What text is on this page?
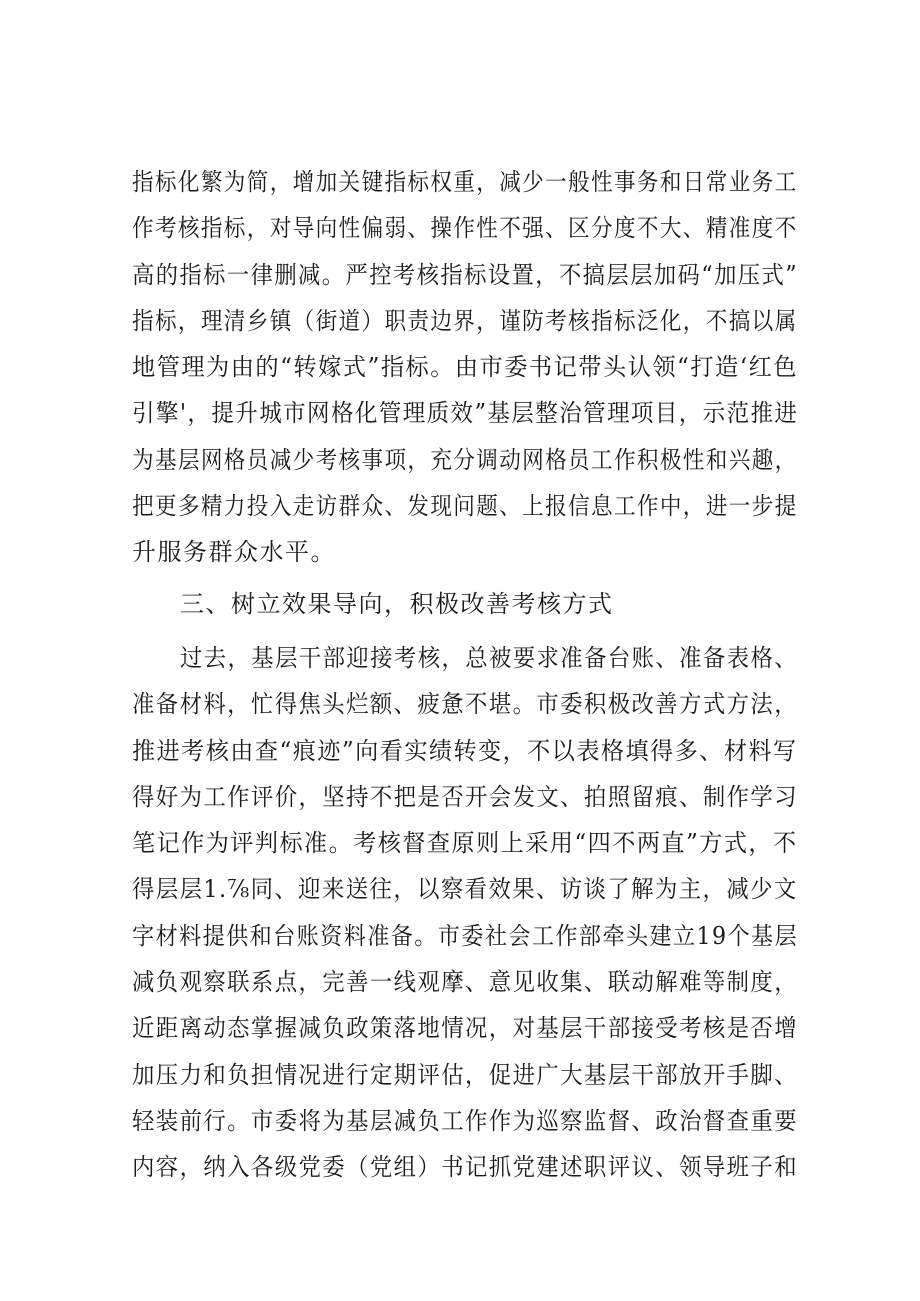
指标化繁为简，增加关键指标权重，减少一般性事务和日常业务工
作考核指标，对导向性偏弱、操作性不强、区分度不大、精准度不
高的指标一律删减。严控考核指标设置，不搞层层加码“加压式”
指标，理清乡镇（街道）职责边界，谨防考核指标泛化，不搞以属
地管理为由的“转嫁式”指标。由市委书记带头认领“打造‘红色
引擎'，提升城市网格化管理质效”基层整治管理项目，示范推进
为基层网格员减少考核事项，充分调动网格员工作积极性和兴趣，
把更多精力投入走访群众、发现问题、上报信息工作中，进一步提
升服务群众水平。
三、树立效果导向，积极改善考核方式
过去，基层干部迎接考核，总被要求准备台账、准备表格、
准备材料，忙得焦头烂额、疲惫不堪。市委积极改善方式方法，
推进考核由查“痕迹”向看实绩转变，不以表格填得多、材料写
得好为工作评价，坚持不把是否开会发文、拍照留痕、制作学习
笔记作为评判标准。考核督查原则上采用“四不两直”方式，不
得层层1.⅞同、迎来送往，以察看效果、访谈了解为主，减少文
字材料提供和台账资料准备。市委社会工作部牵头建立19个基层
减负观察联系点，完善一线观摩、意见收集、联动解难等制度，
近距离动态掌握减负政策落地情况，对基层干部接受考核是否增
加压力和负担情况进行定期评估，促进广大基层干部放开手脚、
轻装前行。市委将为基层减负工作作为巡察监督、政治督查重要
内容，纳入各级党委（党组）书记抓党建述职评议、领导班子和
